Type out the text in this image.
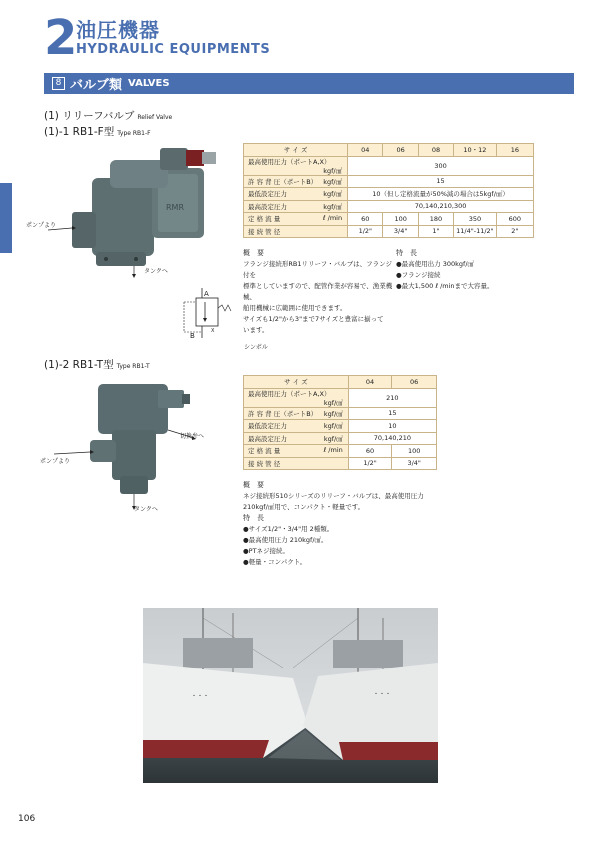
2
油圧機器
HYDRAULIC EQUIPMENTS
8 バルブ類 VALVES
(1) リリーフバルブ Relief Valve
(1)-1 RB1-F型 Type RB1-F
RMR
ポンプより
タンクへ
サ イ ズ	04	06	08	10・12	16
最高使用圧力（ポートA,X）
kgf/㎠	300				
許 容 背 圧（ポートB） kgf/㎠	15				
最低設定圧力 kgf/㎠	10（但し定格流量が50%減の場合は5kgf/㎠）				
最高設定圧力 kgf/㎠	70,140,210,300				
定 格 流 量 ℓ /min	60	100	180	350	600
接 続 管 径	1/2"	3/4"	1"	11/4"-11/2"	2"
概　要
フランジ接続形RB1リリーフ・バルブは、フランジ付を
標準としていますので、配管作業が容易で、漁業機械、
舶用機械に広範囲に使用できます。
サイズも1/2"から3"まで7サイズと豊富に揃って
います。
特　長
●最高使用出力 300kgf/㎠
●フランジ接続
●最大1,500 ℓ /minまで大容量。
A
B
X
シンボル
(1)-2 RB1-T型 Type RB1-T
ポンプより
切換弁へ
タンクへ
サ イ ズ	04	06
最高使用圧力（ポートA,X）
kgf/㎠	210	
許 容 背 圧（ポートB） kgf/㎠	15	
最低設定圧力 kgf/㎠	10	
最高設定圧力 kgf/㎠	70,140,210	
定 格 流 量 ℓ /min	60	100
接 続 管 径	1/2"	3/4"
概　要
ネジ接続形510シリーズのリリーフ・バルブは、最高使用圧力
210kgf/㎠用で、コンパクト・軽量です。
特　長
●サイズ1/2"・3/4"用 2種類。
●最高使用圧力 210kgf/㎠。
●PTネジ接続。
●軽量・コンパクト。
・・・	・・・
106
